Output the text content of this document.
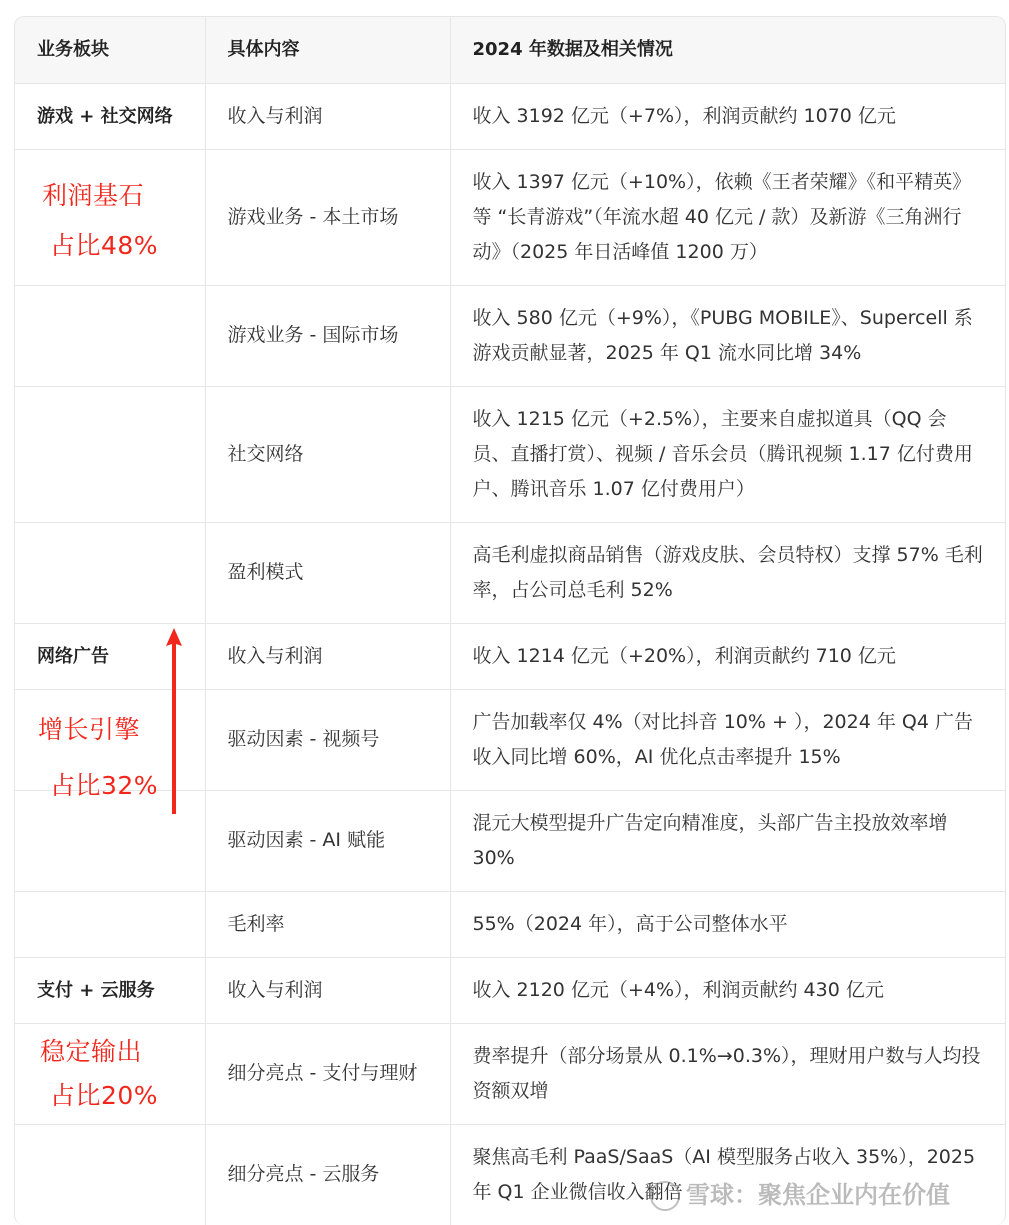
业务板块	具体内容	2024 年数据及相关情况
游戏 + 社交网络	收入与利润	收入 3192 亿元（+7%），利润贡献约 1070 亿元
	游戏业务 - 本土市场	收入 1397 亿元（+10%），依赖《王者荣耀》《和平精英》等 “长青游戏”（年流水超 40 亿元 / 款）及新游《三角洲行动》（2025 年日活峰值 1200 万）
	游戏业务 - 国际市场	收入 580 亿元（+9%），《PUBG MOBILE》、Supercell 系游戏贡献显著，2025 年 Q1 流水同比增 34%
	社交网络	收入 1215 亿元（+2.5%），主要来自虚拟道具（QQ 会员、直播打赏）、视频 / 音乐会员（腾讯视频 1.17 亿付费用户、腾讯音乐 1.07 亿付费用户）
	盈利模式	高毛利虚拟商品销售（游戏皮肤、会员特权）支撑 57% 毛利率，占公司总毛利 52%
网络广告	收入与利润	收入 1214 亿元（+20%），利润贡献约 710 亿元
	驱动因素 - 视频号	广告加载率仅 4%（对比抖音 10% + ），2024 年 Q4 广告收入同比增 60%，AI 优化点击率提升 15%
	驱动因素 - AI 赋能	混元大模型提升广告定向精准度，头部广告主投放效率增 30%
	毛利率	55%（2024 年），高于公司整体水平
支付 + 云服务	收入与利润	收入 2120 亿元（+4%），利润贡献约 430 亿元
	细分亮点 - 支付与理财	费率提升（部分场景从 0.1%→0.3%），理财用户数与人均投资额双增
	细分亮点 - 云服务	聚焦高毛利 PaaS/SaaS（AI 模型服务占收入 35%），2025 年 Q1 企业微信收入翻倍
利润基石
占比48%
增长引擎
占比32%
稳定输出
占比20%
雪球：聚焦企业内在价值
